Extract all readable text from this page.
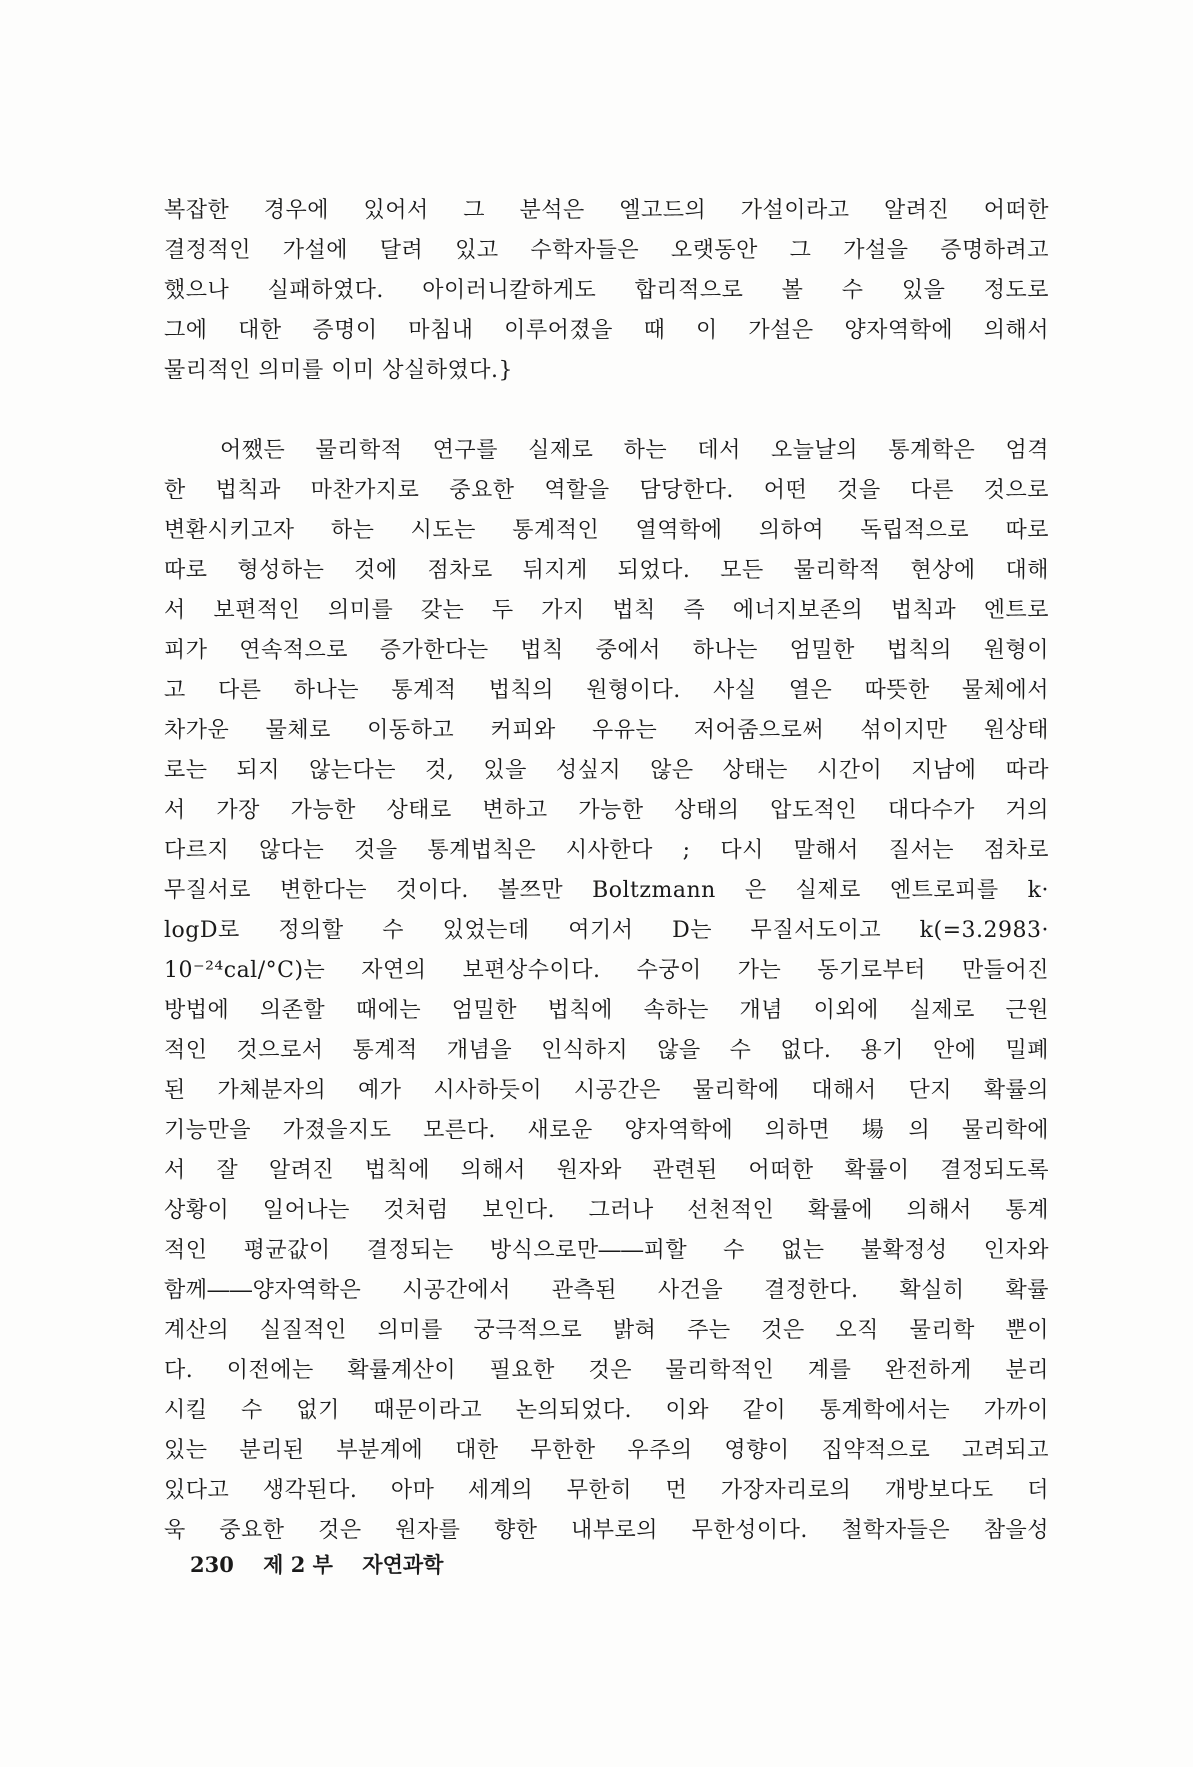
복잡한 경우에 있어서 그 분석은 엘고드의 가설이라고 알려진 어떠한
결정적인 가설에 달려 있고 수학자들은 오랫동안 그 가설을 증명하려고
했으나 실패하였다. 아이러니칼하게도 합리적으로 볼 수 있을 정도로
그에 대한 증명이 마침내 이루어졌을 때 이 가설은 양자역학에 의해서
물리적인 의미를 이미 상실하였다.}
어쨌든 물리학적 연구를 실제로 하는 데서 오늘날의 통계학은 엄격
한 법칙과 마찬가지로 중요한 역할을 담당한다. 어떤 것을 다른 것으로
변환시키고자 하는 시도는 통계적인 열역학에 의하여 독립적으로 따로
따로 형성하는 것에 점차로 뒤지게 되었다. 모든 물리학적 현상에 대해
서 보편적인 의미를 갖는 두 가지 법칙 즉 에너지보존의 법칙과 엔트로
피가 연속적으로 증가한다는 법칙 중에서 하나는 엄밀한 법칙의 원형이
고 다른 하나는 통계적 법칙의 원형이다. 사실 열은 따뜻한 물체에서
차가운 물체로 이동하고 커피와 우유는 저어줌으로써 섞이지만 원상태
로는 되지 않는다는 것, 있을 성싶지 않은 상태는 시간이 지남에 따라
서 가장 가능한 상태로 변하고 가능한 상태의 압도적인 대다수가 거의
다르지 않다는 것을 통계법칙은 시사한다 ; 다시 말해서 질서는 점차로
무질서로 변한다는 것이다. 볼쯔만 Boltzmann 은 실제로 엔트로피를 k·
logD로 정의할 수 있었는데 여기서 D는 무질서도이고 k(=3.2983·
10⁻²⁴cal/°C)는 자연의 보편상수이다. 수궁이 가는 동기로부터 만들어진
방법에 의존할 때에는 엄밀한 법칙에 속하는 개념 이외에 실제로 근원
적인 것으로서 통계적 개념을 인식하지 않을 수 없다. 용기 안에 밀폐
된 가체분자의 예가 시사하듯이 시공간은 물리학에 대해서 단지 확률의
기능만을 가졌을지도 모른다. 새로운 양자역학에 의하면 場의 물리학에
서 잘 알려진 법칙에 의해서 원자와 관련된 어떠한 확률이 결정되도록
상황이 일어나는 것처럼 보인다. 그러나 선천적인 확률에 의해서 통계
적인 평균값이 결정되는 방식으로만――피할 수 없는 불확정성 인자와
함께――양자역학은 시공간에서 관측된 사건을 결정한다. 확실히 확률
계산의 실질적인 의미를 궁극적으로 밝혀 주는 것은 오직 물리학 뿐이
다. 이전에는 확률계산이 필요한 것은 물리학적인 계를 완전하게 분리
시킬 수 없기 때문이라고 논의되었다. 이와 같이 통계학에서는 가까이
있는 분리된 부분계에 대한 무한한 우주의 영향이 집약적으로 고려되고
있다고 생각된다. 아마 세계의 무한히 먼 가장자리로의 개방보다도 더
욱 중요한 것은 원자를 향한 내부로의 무한성이다. 철학자들은 참을성
230 제 2 부 자연과학
